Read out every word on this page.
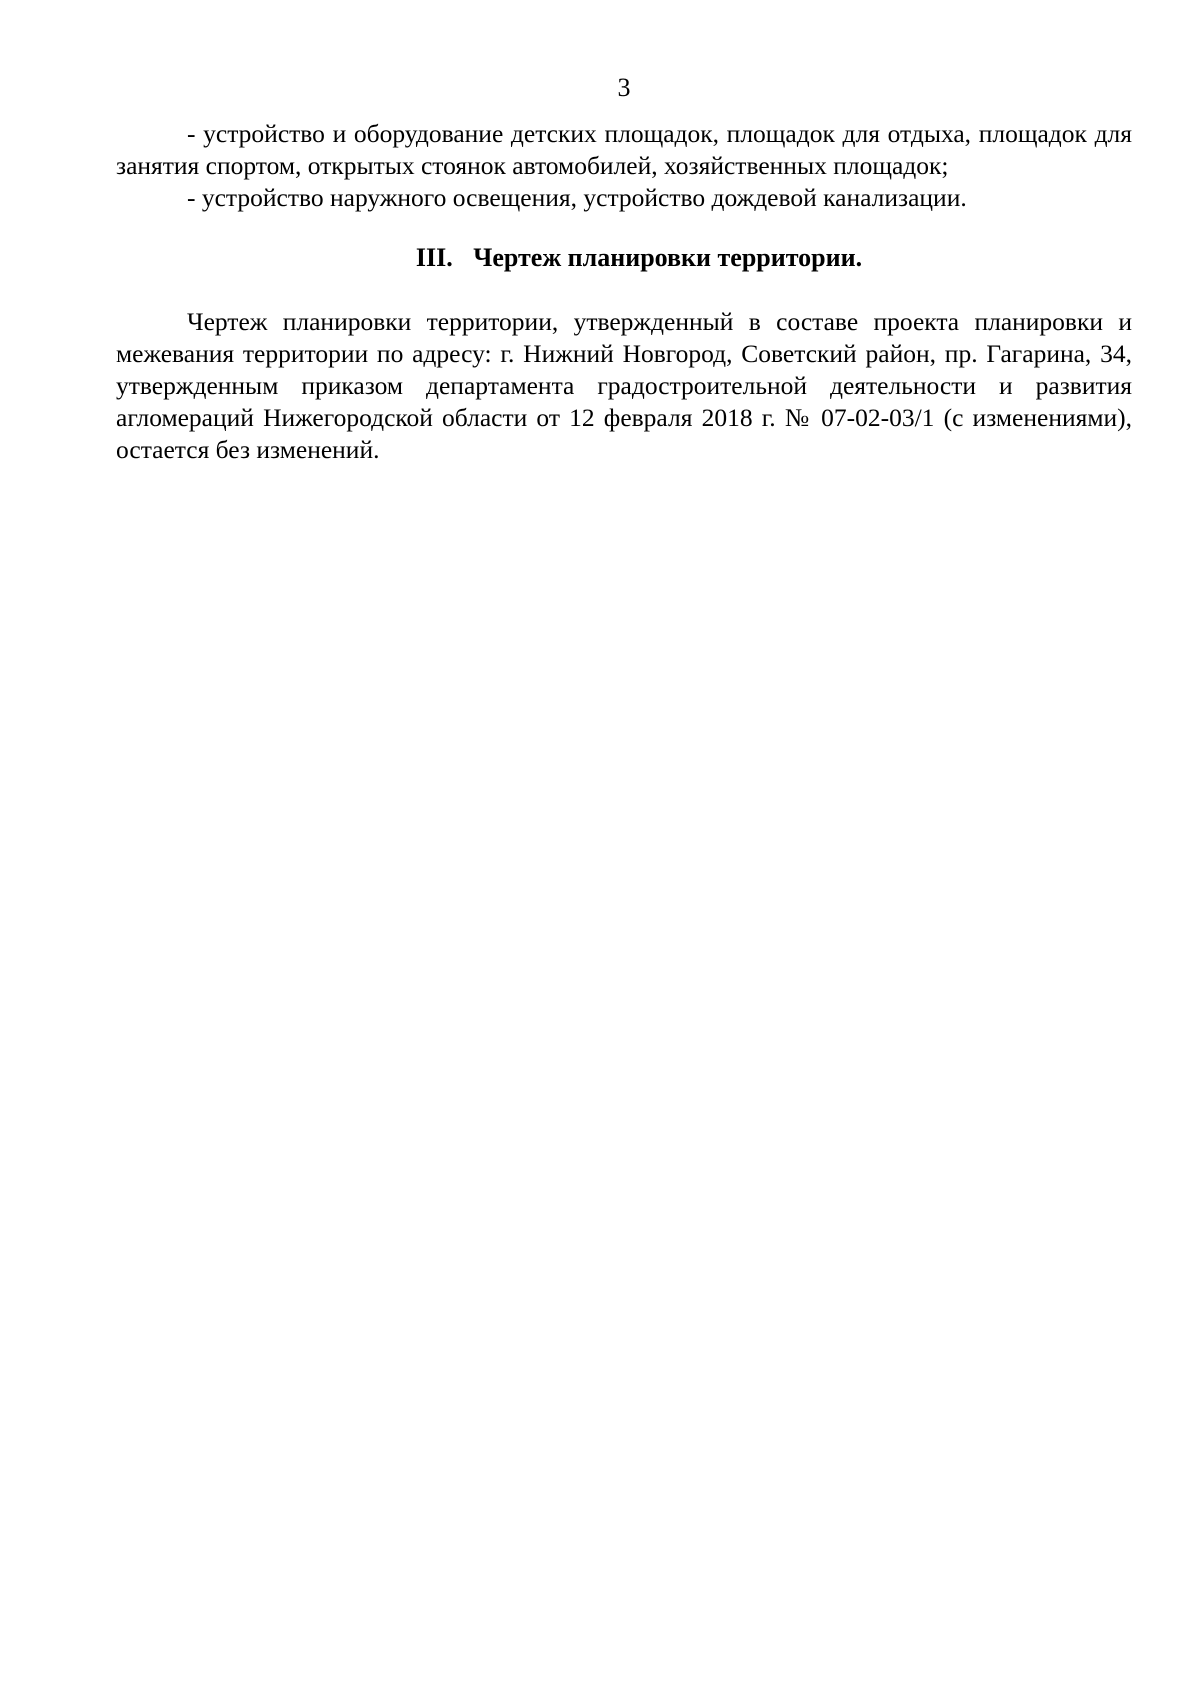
3

- устройство и оборудование детских площадок, площадок для отдыха, площадок для занятия спортом, открытых стоянок автомобилей, хозяйственных площадок;

- устройство наружного освещения, устройство дождевой канализации.

III. Чертеж планировки территории.

Чертеж планировки территории, утвержденный в составе проекта планировки и межевания территории по адресу: г. Нижний Новгород, Советский район, пр. Гагарина, 34, утвержденным приказом департамента градостроительной деятельности и развития агломераций Нижегородской области от 12 февраля 2018 г. № 07-02-03/1 (с изменениями), остается без изменений.
